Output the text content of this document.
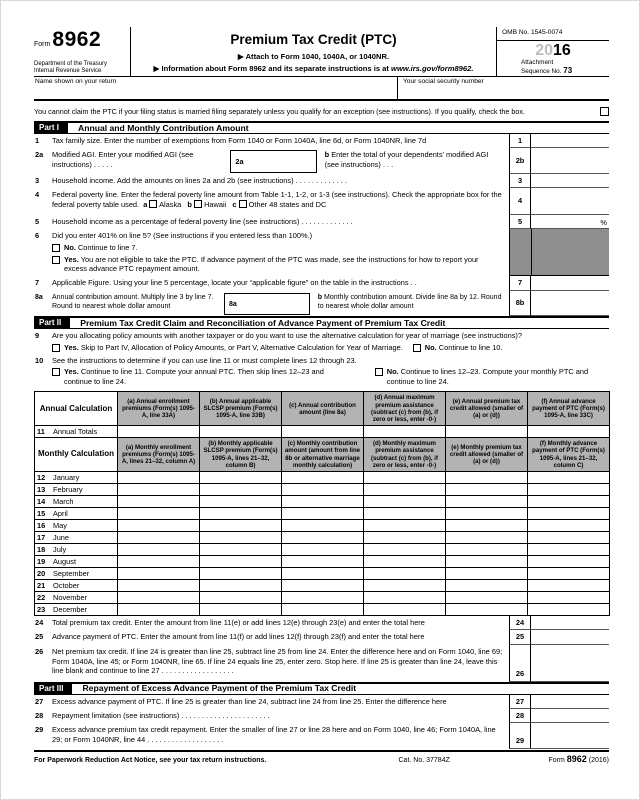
Form 8962
Department of the Treasury
Internal Revenue Service
Premium Tax Credit (PTC)
▶ Attach to Form 1040, 1040A, or 1040NR.
▶ Information about Form 8962 and its separate instructions is at www.irs.gov/form8962.
OMB No. 1545-0074
2016
Attachment
Sequence No. 73
Name shown on your return	Your social security number
You cannot claim the PTC if your filing status is married filing separately unless you qualify for an exception (see instructions). If you qualify, check the box.
Part I	Annual and Monthly Contribution Amount
1	Tax family size. Enter the number of exemptions from Form 1040 or Form 1040A, line 6d, or Form 1040NR, line 7d	1
2a	Modified AGI. Enter your modified AGI (see instructions) . . . . .	2a
b Enter the total of your dependents' modified AGI (see instructions) . . .	2b
3	Household income. Add the amounts on lines 2a and 2b (see instructions) . . . . . . . . . . . . .	3
4	Federal poverty line. Enter the federal poverty line amount from Table 1-1, 1-2, or 1-3 (see instructions). Check the appropriate box for the federal poverty table used. a Alaska b Hawaii c Other 48 states and DC	4
5	Household income as a percentage of federal poverty line (see instructions) . . . . . . . . . . . . .	5	%
6	Did you enter 401% on line 5? (See instructions if you entered less than 100%.)
No. Continue to line 7.
Yes. You are not eligible to take the PTC. If advance payment of the PTC was made, see the instructions for how to report your excess advance PTC repayment amount.
7	Applicable Figure. Using your line 5 percentage, locate your “applicable figure” on the table in the instructions . .	7
8a	Annual contribution amount. Multiply line 3 by line 7. Round to nearest whole dollar amount	8a
b Monthly contribution amount. Divide line 8a by 12. Round to nearest whole dollar amount	8b
Part II	Premium Tax Credit Claim and Reconciliation of Advance Payment of Premium Tax Credit
9	Are you allocating policy amounts with another taxpayer or do you want to use the alternative calculation for year of marriage (see instructions)?
Yes. Skip to Part IV, Allocation of Policy Amounts, or Part V, Alternative Calculation for Year of Marriage.	No. Continue to line 10.
10	See the instructions to determine if you can use line 11 or must complete lines 12 through 23.
Yes. Continue to line 11. Compute your annual PTC. Then skip lines 12–23 and continue to line 24.
No. Continue to lines 12–23. Compute your monthly PTC and continue to line 24.
Annual Calculation	(a) Annual enrollment premiums (Form(s) 1095-A, line 33A)	(b) Annual applicable SLCSP premium (Form(s) 1095-A, line 33B)	(c) Annual contribution amount (line 8a)	(d) Annual maximum premium assistance (subtract (c) from (b), if zero or less, enter -0-)	(e) Annual premium tax credit allowed (smaller of (a) or (d))	(f) Annual advance payment of PTC (Form(s) 1095-A, line 33C)
11 Annual Totals						
Monthly Calculation	(a) Monthly enrollment premiums (Form(s) 1095-A, lines 21–32, column A)	(b) Monthly applicable SLCSP premium (Form(s) 1095-A, lines 21–32, column B)	(c) Monthly contribution amount (amount from line 8b or alternative marriage monthly calculation)	(d) Monthly maximum premium assistance (subtract (c) from (b), if zero or less, enter -0-)	(e) Monthly premium tax credit allowed (smaller of (a) or (d))	(f) Monthly advance payment of PTC (Form(s) 1095-A, lines 21–32, column C)
12 January						
13 February						
14 March						
15 April						
16 May						
17 June						
18 July						
19 August						
20 September						
21 October						
22 November						
23 December						
24	Total premium tax credit. Enter the amount from line 11(e) or add lines 12(e) through 23(e) and enter the total here	24
25	Advance payment of PTC. Enter the amount from line 11(f) or add lines 12(f) through 23(f) and enter the total here	25
26	Net premium tax credit. If line 24 is greater than line 25, subtract line 25 from line 24. Enter the difference here and on Form 1040, line 69; Form 1040A, line 45; or Form 1040NR, line 65. If line 24 equals line 25, enter zero. Stop here. If line 25 is greater than line 24, leave this line blank and continue to line 27 . . . . . . . . . . . . . . . . . .	26
Part III	Repayment of Excess Advance Payment of the Premium Tax Credit
27	Excess advance payment of PTC. If line 25 is greater than line 24, subtract line 24 from line 25. Enter the difference here	27
28	Repayment limitation (see instructions) . . . . . . . . . . . . . . . . . . . . . .	28
29	Excess advance premium tax credit repayment. Enter the smaller of line 27 or line 28 here and on Form 1040, line 46; Form 1040A, line 29; or Form 1040NR, line 44 . . . . . . . . . . . . . . . . . . .	29
For Paperwork Reduction Act Notice, see your tax return instructions.	Cat. No. 37784Z	Form 8962 (2016)
